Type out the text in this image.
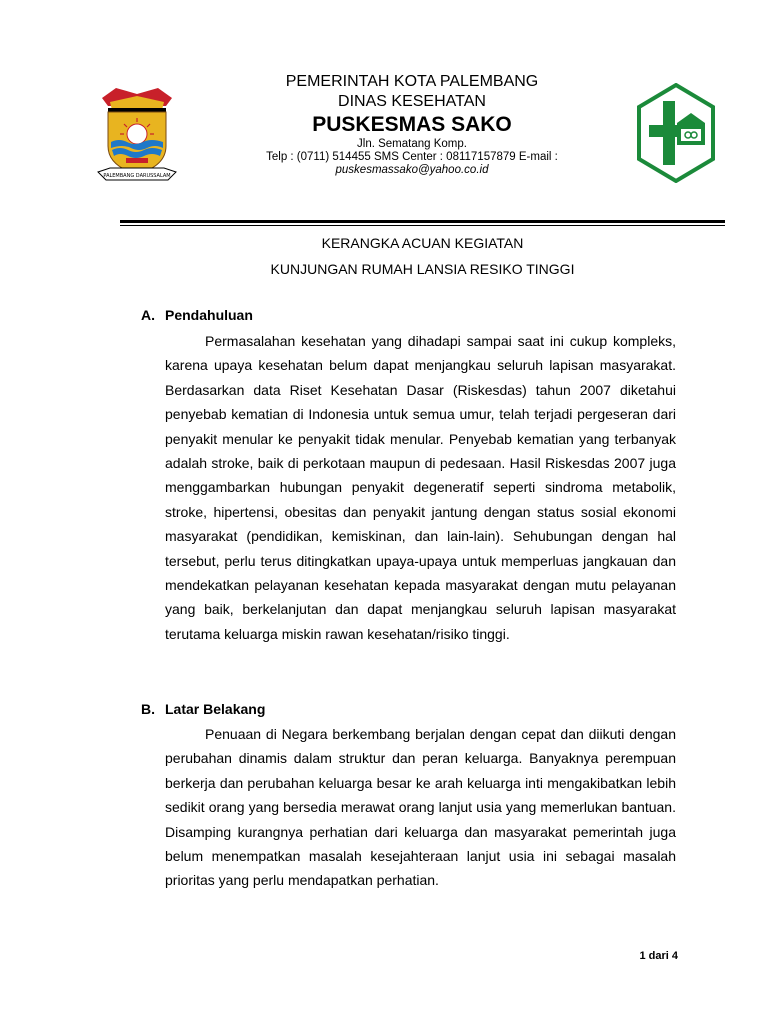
PALEMBANG DARUSSALAM

PEMERINTAH KOTA PALEMBANG

DINAS KESEHATAN

PUSKESMAS SAKO

Jln. Sematang Komp.

Telp : (0711) 514455 SMS Center : 08117157879 E-mail :

puskesmassako@yahoo.co.id

KERANGKA ACUAN KEGIATAN
KUNJUNGAN RUMAH LANSIA RESIKO TINGGI
A. Pendahuluan

Permasalahan kesehatan yang dihadapi sampai saat ini cukup kompleks, karena upaya kesehatan belum dapat menjangkau seluruh lapisan masyarakat. Berdasarkan data Riset Kesehatan Dasar (Riskesdas) tahun 2007 diketahui penyebab kematian di Indonesia untuk semua umur, telah terjadi pergeseran dari penyakit menular ke penyakit tidak menular. Penyebab kematian yang terbanyak adalah stroke, baik di perkotaan maupun di pedesaan. Hasil Riskesdas 2007 juga menggambarkan hubungan penyakit degeneratif seperti sindroma metabolik, stroke, hipertensi, obesitas dan penyakit jantung dengan status sosial ekonomi masyarakat (pendidikan, kemiskinan, dan lain-lain). Sehubungan dengan hal tersebut, perlu terus ditingkatkan upaya-upaya untuk memperluas jangkauan dan mendekatkan pelayanan kesehatan kepada masyarakat dengan mutu pelayanan yang baik, berkelanjutan dan dapat menjangkau seluruh lapisan masyarakat terutama keluarga miskin rawan kesehatan/risiko tinggi.

B. Latar Belakang

Penuaan di Negara berkembang berjalan dengan cepat dan diikuti dengan perubahan dinamis dalam struktur dan peran keluarga. Banyaknya perempuan berkerja dan perubahan keluarga besar ke arah keluarga inti mengakibatkan lebih sedikit orang yang bersedia merawat orang lanjut usia yang memerlukan bantuan. Disamping kurangnya perhatian dari keluarga dan masyarakat pemerintah juga belum menempatkan masalah kesejahteraan lanjut usia ini sebagai masalah prioritas yang perlu mendapatkan perhatian.

1 dari 4
